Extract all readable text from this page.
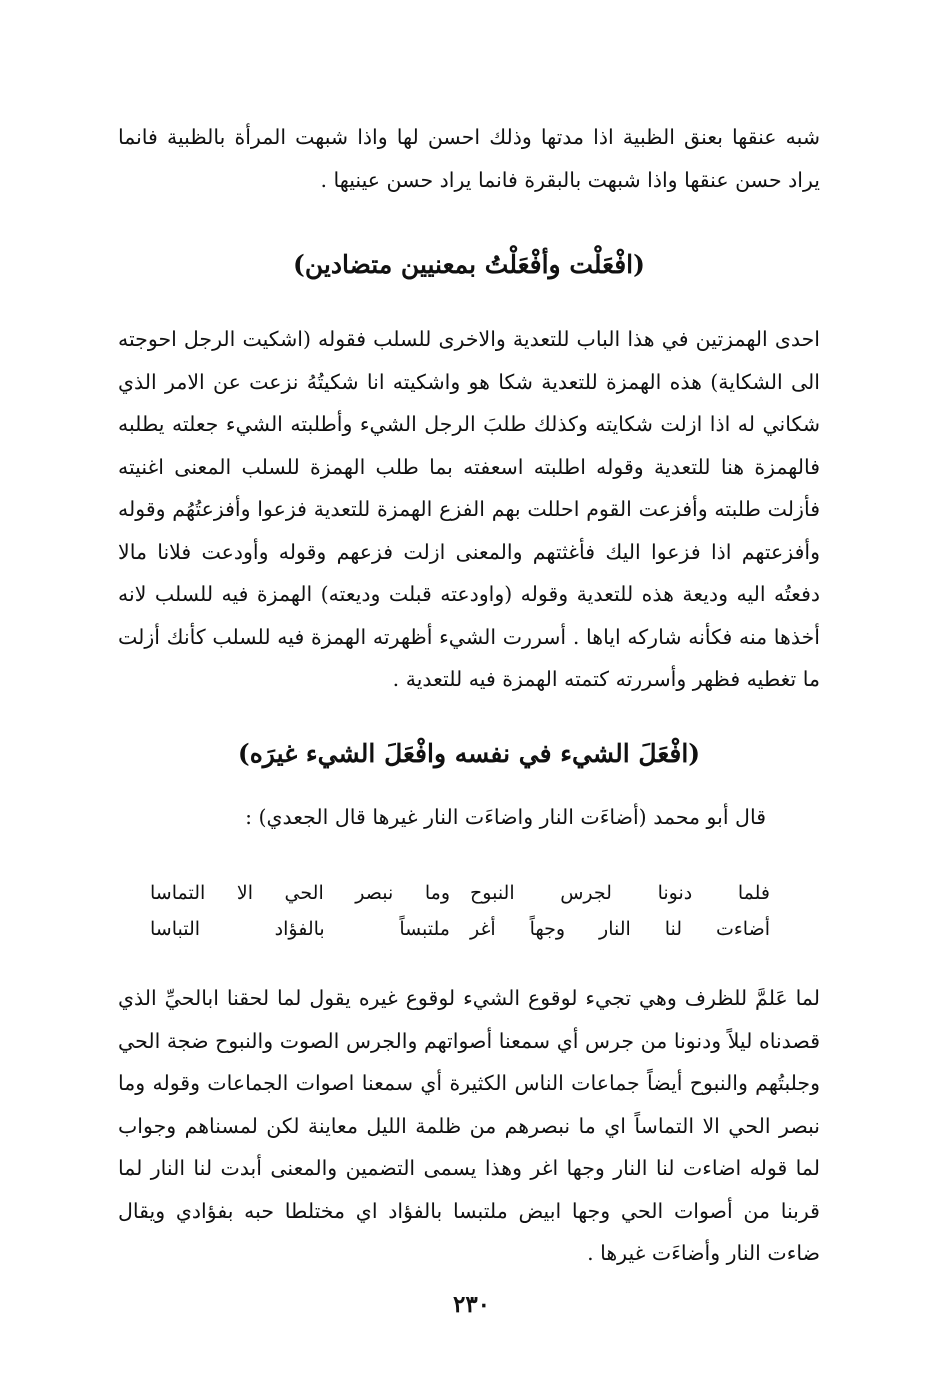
شبه عنقها بعنق الظبية اذا مدتها وذلك احسن لها واذا شبهت المرأة بالظبية فانما يراد حسن عنقها واذا شبهت بالبقرة فانما يراد حسن عينيها .

(افْعَلْت وأفْعَلْتُ بمعنيين متضادين)

احدى الهمزتين في هذا الباب للتعدية والاخرى للسلب فقوله (اشكيت الرجل احوجته الى الشكاية) هذه الهمزة للتعدية شكا هو واشكيته انا شكيتُهُ نزعت عن الامر الذي شكاني له اذا ازلت شكايته وكذلك طلبَ الرجل الشيء وأطلبته الشيء جعلته يطلبه فالهمزة هنا للتعدية وقوله اطلبته اسعفته بما طلب الهمزة للسلب المعنى اغنيته فأزلت طلبته وأفزعت القوم احللت بهم الفزع الهمزة للتعدية فزعوا وأفزعتُهُم وقوله وأفزعتهم اذا فزعوا اليك فأغثتهم والمعنى ازلت فزعهم وقوله وأودعت فلانا مالا دفعتُه اليه وديعة هذه للتعدية وقوله (واودعته قبلت وديعته) الهمزة فيه للسلب لانه أخذها منه فكأنه شاركه اياها . أسررت الشيء أظهرته الهمزة فيه للسلب كأنك أزلت ما تغطيه فظهر وأسررته كتمته الهمزة فيه للتعدية .

(افْعَلَ الشيء في نفسه وافْعَلَ الشيء غيرَه)

قال أبو محمد (أضاءَت النار واضاءَت النار غيرها قال الجعدي) :

فلما دنونا لجرس النبوح
وما نبصر الحي الا التماسا
أضاءت لنا النار وجهاً أغر
ملتبساً بالفؤاد التباسا

لما عَلمَّ للظرف وهي تجيء لوقوع الشيء لوقوع غيره يقول لما لحقنا ابالحيِّ الذي قصدناه ليلاً ودنونا من جرس أي سمعنا أصواتهم والجرس الصوت والنبوح ضجة الحي وجلبتُهم والنبوح أيضاً جماعات الناس الكثيرة أي سمعنا اصوات الجماعات وقوله وما نبصر الحي الا التماساً اي ما نبصرهم من ظلمة الليل معاينة لكن لمسناهم وجواب لما قوله اضاءت لنا النار وجها اغر وهذا يسمى التضمين والمعنى أبدت لنا النار لما قربنا من أصوات الحي وجها ابيض ملتبسا بالفؤاد اي مختلطا حبه بفؤادي ويقال ضاءت النار وأضاءَت غيرها .

٢٣٠
